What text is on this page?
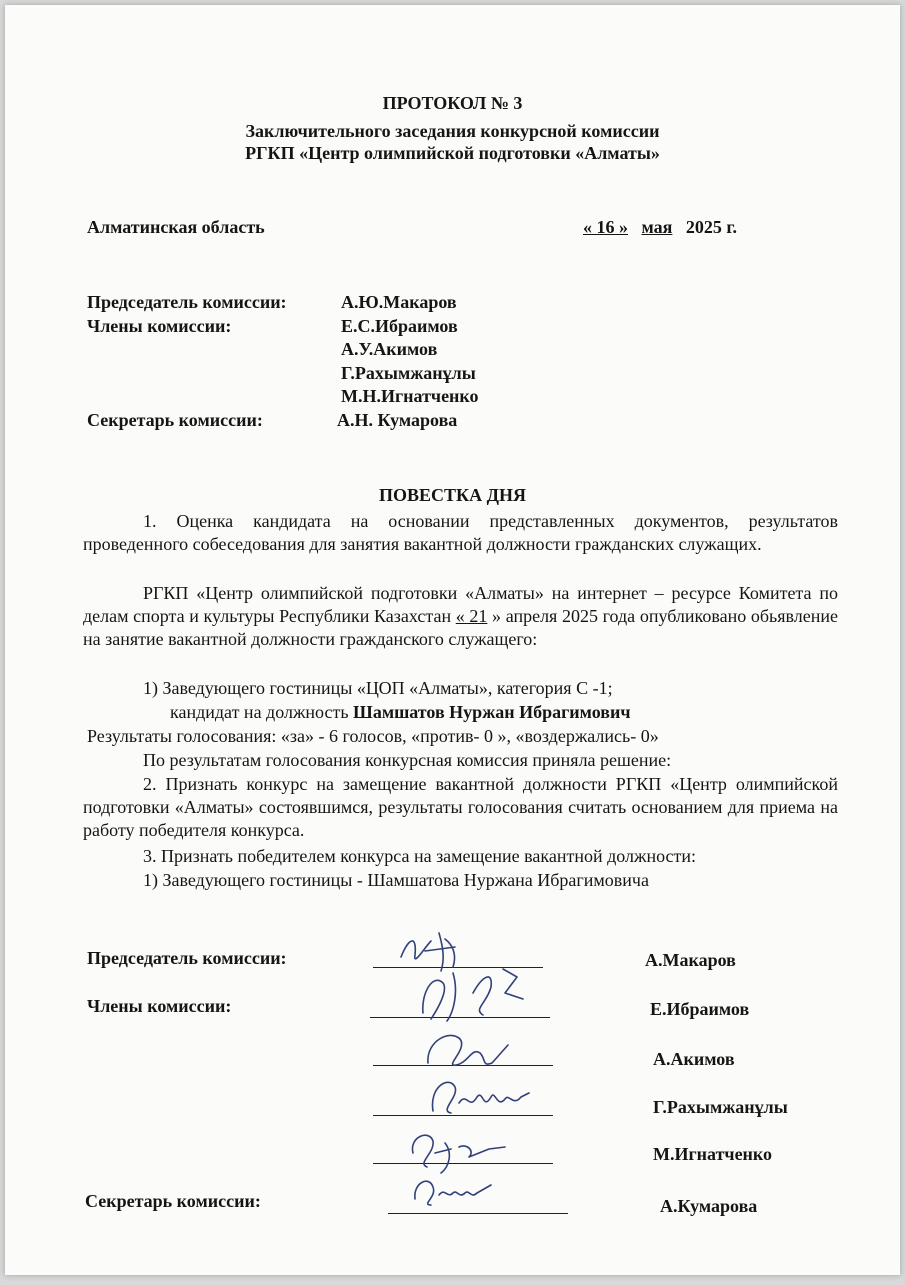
ПРОТОКОЛ № 3
Заключительного заседания конкурсной комиссии
РГКП «Центр олимпийской подготовки «Алматы»
Алматинская область	« 16 » мая 2025 г.
Председатель комиссии:	А.Ю.Макаров
Члены комиссии:	Е.С.Ибраимов
А.У.Акимов
Г.Рахымжанұлы
М.Н.Игнатченко
Секретарь комиссии:	А.Н. Кумарова
ПОВЕСТКА ДНЯ
1. Оценка кандидата на основании представленных документов, результатов проведенного собеседования для занятия вакантной должности гражданских служащих.
РГКП «Центр олимпийской подготовки «Алматы» на интернет – ресурсе Комитета по делам спорта и культуры Республики Казахстан « 21 » апреля 2025 года опубликовано обьявление на занятие вакантной должности гражданского служащего:
1) Заведующего гостиницы «ЦОП «Алматы», категория С -1;
кандидат на должность Шамшатов Нуржан Ибрагимович
Результаты голосования: «за» - 6 голосов, «против- 0 », «воздержались- 0»
По результатам голосования конкурсная комиссия приняла решение:
2. Признать конкурс на замещение вакантной должности РГКП «Центр олимпийской подготовки «Алматы» состоявшимся, результаты голосования считать основанием для приема на работу победителя конкурса.
3. Признать победителем конкурса на замещение вакантной должности:
1) Заведующего гостиницы - Шамшатова Нуржана Ибрагимовича
Председатель комиссии:	А.Макаров
Члены комиссии:	Е.Ибраимов
А.Акимов
Г.Рахымжанұлы
М.Игнатченко
Секретарь комиссии:	А.Кумарова
